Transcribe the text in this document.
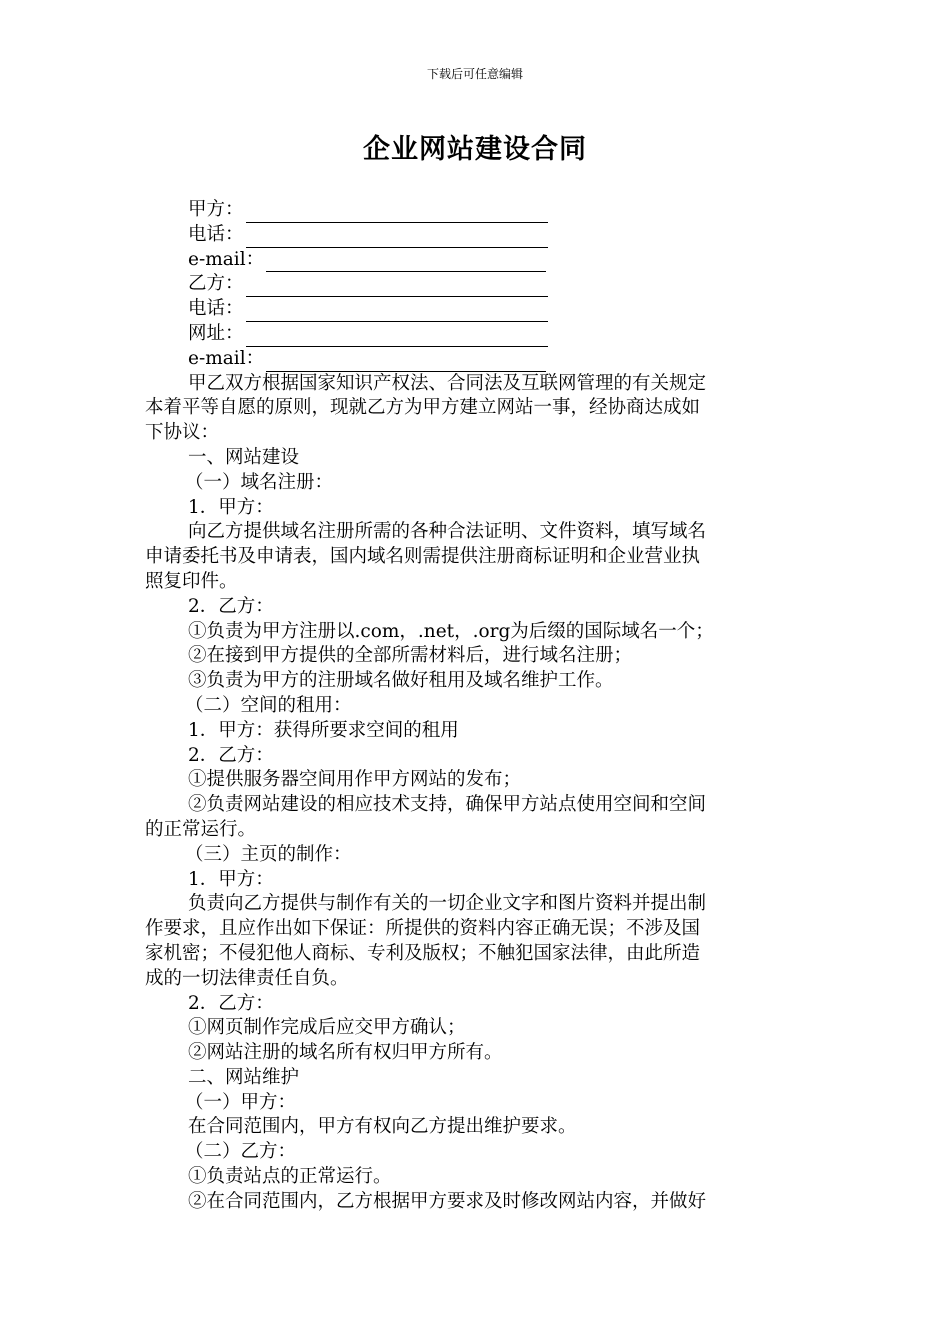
下载后可任意编辑
企业网站建设合同
甲方：
电话：
e-mail：
乙方：
电话：
网址：
e-mail：
甲乙双方根据国家知识产权法、合同法及互联网管理的有关规定
本着平等自愿的原则，现就乙方为甲方建立网站一事，经协商达成如
下协议：
一、网站建设
（一）域名注册：
1．甲方：
向乙方提供域名注册所需的各种合法证明、文件资料，填写域名
申请委托书及申请表，国内域名则需提供注册商标证明和企业营业执
照复印件。
2．乙方：
①负责为甲方注册以.com，.net，.org为后缀的国际域名一个；
②在接到甲方提供的全部所需材料后，进行域名注册；
③负责为甲方的注册域名做好租用及域名维护工作。
（二）空间的租用：
1．甲方：获得所要求空间的租用
2．乙方：
①提供服务器空间用作甲方网站的发布；
②负责网站建设的相应技术支持，确保甲方站点使用空间和空间
的正常运行。
（三）主页的制作：
1．甲方：
负责向乙方提供与制作有关的一切企业文字和图片资料并提出制
作要求，且应作出如下保证：所提供的资料内容正确无误；不涉及国
家机密；不侵犯他人商标、专利及版权；不触犯国家法律，由此所造
成的一切法律责任自负。
2．乙方：
①网页制作完成后应交甲方确认；
②网站注册的域名所有权归甲方所有。
二、网站维护
（一）甲方：
在合同范围内，甲方有权向乙方提出维护要求。
（二）乙方：
①负责站点的正常运行。
②在合同范围内，乙方根据甲方要求及时修改网站内容，并做好
